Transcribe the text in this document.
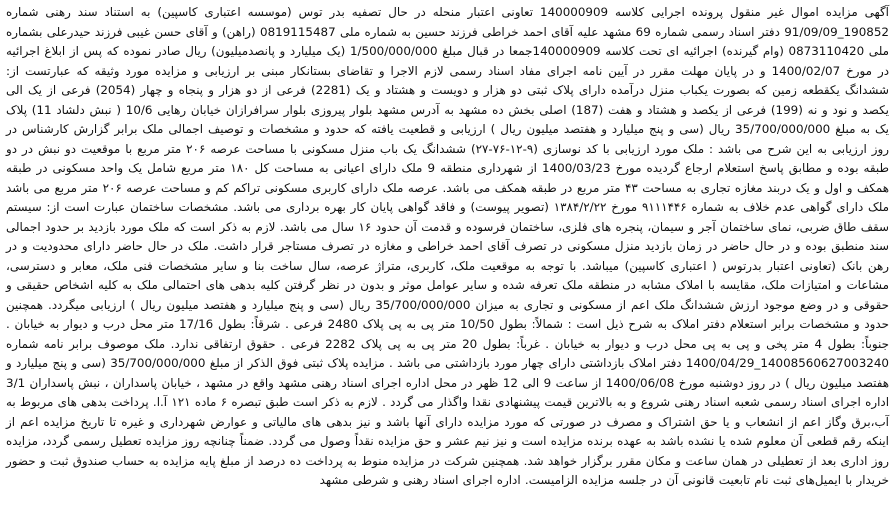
آگهی مزایده اموال غیر منقول پرونده اجرایی کلاسه 140000909 تعاونی اعتبار منحله در حال تصفیه بدر توس (موسسه اعتباری کاسپین) به استناد سند رهنی شماره 190852_91/09/09 دفتر اسناد رسمی شماره 69 مشهد علیه آقای احمد خراطی فرزند حسین به شماره ملی 0819115487 (راهن) و آقای حسن غیبی فرزند حیدرعلی بشماره ملی 0873110420 (وام گیرنده) اجرائیه ای تحت کلاسه 140000909جمعا در قبال مبلغ 1/500/000/000 (یک میلیارد و پانصدمیلیون) ریال صادر نموده که پس از ابلاغ اجرائیه در مورخ 1400/02/07 و در پایان مهلت مقرر در آیین نامه اجرای مفاد اسناد رسمی لازم الاجرا و تقاضای بستانکار مبنی بر ارزیابی و مزایده مورد وثیقه که عبارتست از: ششدانگ یکقطعه زمین که بصورت یکباب منزل درآمده دارای پلاک ثبتی دو هزار و دویست و هشتاد و یک (2281) فرعی از دو هزار و پنجاه و چهار (2054) فرعی از یک الی یکصد و نود و نه (199) فرعی از یکصد و هشتاد و هفت (187) اصلی بخش ده مشهد به آدرس مشهد بلوار پیروزی بلوار سرافرازان خیابان رهایی 10/6 ( نبش دلشاد 11) پلاک یک به مبلغ 35/700/000/000 ریال (سی و پنج میلیارد و هفتصد میلیون ریال ) ارزیابی و قطعیت یافته که حدود و مشخصات و توصیف اجمالی ملک برابر گزارش کارشناس در روز ارزیابی به این شرح می باشد : ملک مورد ارزیابی با کد نوسازی (۹-۱۲-۷۶-۲۷) ششدانگ یک باب منزل مسکونی با مساحت عرصه ۲۰۶ متر مربع با موقعیت دو نبش در دو طبقه بوده و مطابق پاسخ استعلام ارجاع گردیده مورخ 1400/03/23 از شهرداری منطقه 9 ملک دارای اعیانی به مساحت کل ۱۸۰ متر مربع شامل یک واحد مسکونی در طبقه همکف و اول و یک دربند مغازه تجاری به مساحت ۴۳ متر مربع در طبقه همکف می باشد. عرصه ملک دارای کاربری مسکونی تراکم کم و مساحت عرصه ۲۰۶ متر مربع می باشد ملک دارای گواهی عدم خلاف به شماره ۹۱۱۱۴۴۶ مورخ ۱۳۸۴/۲/۲۲ (تصویر پیوست) و فاقد گواهی پایان کار بهره برداری می باشد. مشخصات ساختمان عبارت است از: سیستم سقف طاق ضربی، نمای ساختمان آجر و سیمان، پنجره های فلزی، ساختمان فرسوده و قدمت آن حدود ۱۶ سال می باشد. لازم به ذکر است که ملک مورد بازدید بر حدود اجمالی سند منطبق بوده و در حال حاضر در زمان بازدید منزل مسکونی در تصرف آقای احمد خراطی و مغازه در تصرف مستاجر قرار داشت. ملک در حال حاضر دارای محدودیت و در رهن بانک (تعاونی اعتبار بدرتوس ( اعتباری کاسپین) میباشد. با توجه به موقعیت ملک، کاربری، متراژ عرصه، سال ساخت بنا و سایر مشخصات فنی ملک، معابر و دسترسی، مشاعات و امتیازات ملک، مقایسه با املاک مشابه در منطقه ملک تعرفه شده و سایر عوامل موثر و بدون در نظر گرفتن کلیه بدهی های احتمالی ملک به کلیه اشخاص حقیقی و حقوقی و در وضع موجود ارزش ششدانگ ملک اعم از مسکونی و تجاری به میزان 35/700/000/000 ریال (سی و پنج میلیارد و هفتصد میلیون ریال ) ارزیابی میگردد. همچنین حدود و مشخصات برابر استعلام دفتر املاک به شرح ذیل است : شمالاً: بطول 10/50 متر پی به پی پلاک 2480 فرعی . شرقاً: بطول 17/16 متر محل درب و دیوار به خیابان . جنوباً: بطول 4 متر پخی و پی به پی محل درب و دیوار به خیابان . غرباً: بطول 20 متر پی به پی پلاک 2282 فرعی . حقوق ارتفاقی ندارد. ملک موصوف برابر نامه شماره 14008560627003240_1400/04/29 دفتر املاک بازداشتی دارای چهار مورد بازداشتی می باشد . مزایده پلاک ثبتی فوق الذکر از مبلغ 35/700/000/000 (سی و پنج میلیارد و هفتصد میلیون ریال ) در روز دوشنبه مورخ 1400/06/08 از ساعت 9 الی 12 ظهر در محل اداره اجرای اسناد رهنی مشهد واقع در مشهد ، خیابان پاسداران ، نبش پاسداران 3/1 اداره اجرای اسناد رسمی شعبه اسناد رهنی شروع و به بالاترین قیمت پیشنهادی نقدا واگذار می گردد . لازم به ذکر است طبق تبصره ۶ ماده ۱۲۱ آ.ا. پرداخت بدهی های مربوط به آب،برق وگاز اعم از انشعاب و یا حق اشتراک و مصرف در صورتی که مورد مزایده دارای آنها باشد و نیز بدهی های مالیاتی و عوارض شهرداری و غیره تا تاریخ مزایده اعم از اینکه رقم قطعی آن معلوم شده یا نشده باشد به عهده برنده مزایده است و نیز نیم عشر و حق مزایده نقداً وصول می گردد. ضمناً چنانچه روز مزایده تعطیل رسمی گردد، مزایده روز اداری بعد از تعطیلی در همان ساعت و مکان مقرر برگزار خواهد شد. همچنین شرکت در مزایده منوط به پرداخت ده درصد از مبلغ پایه مزایده به حساب صندوق ثبت و حضور خریدار با ایمیل‌های ثبت نام تابعیت قانونی آن در جلسه مزایده الزامیست. اداره اجرای اسناد رهنی و شرطی مشهد
